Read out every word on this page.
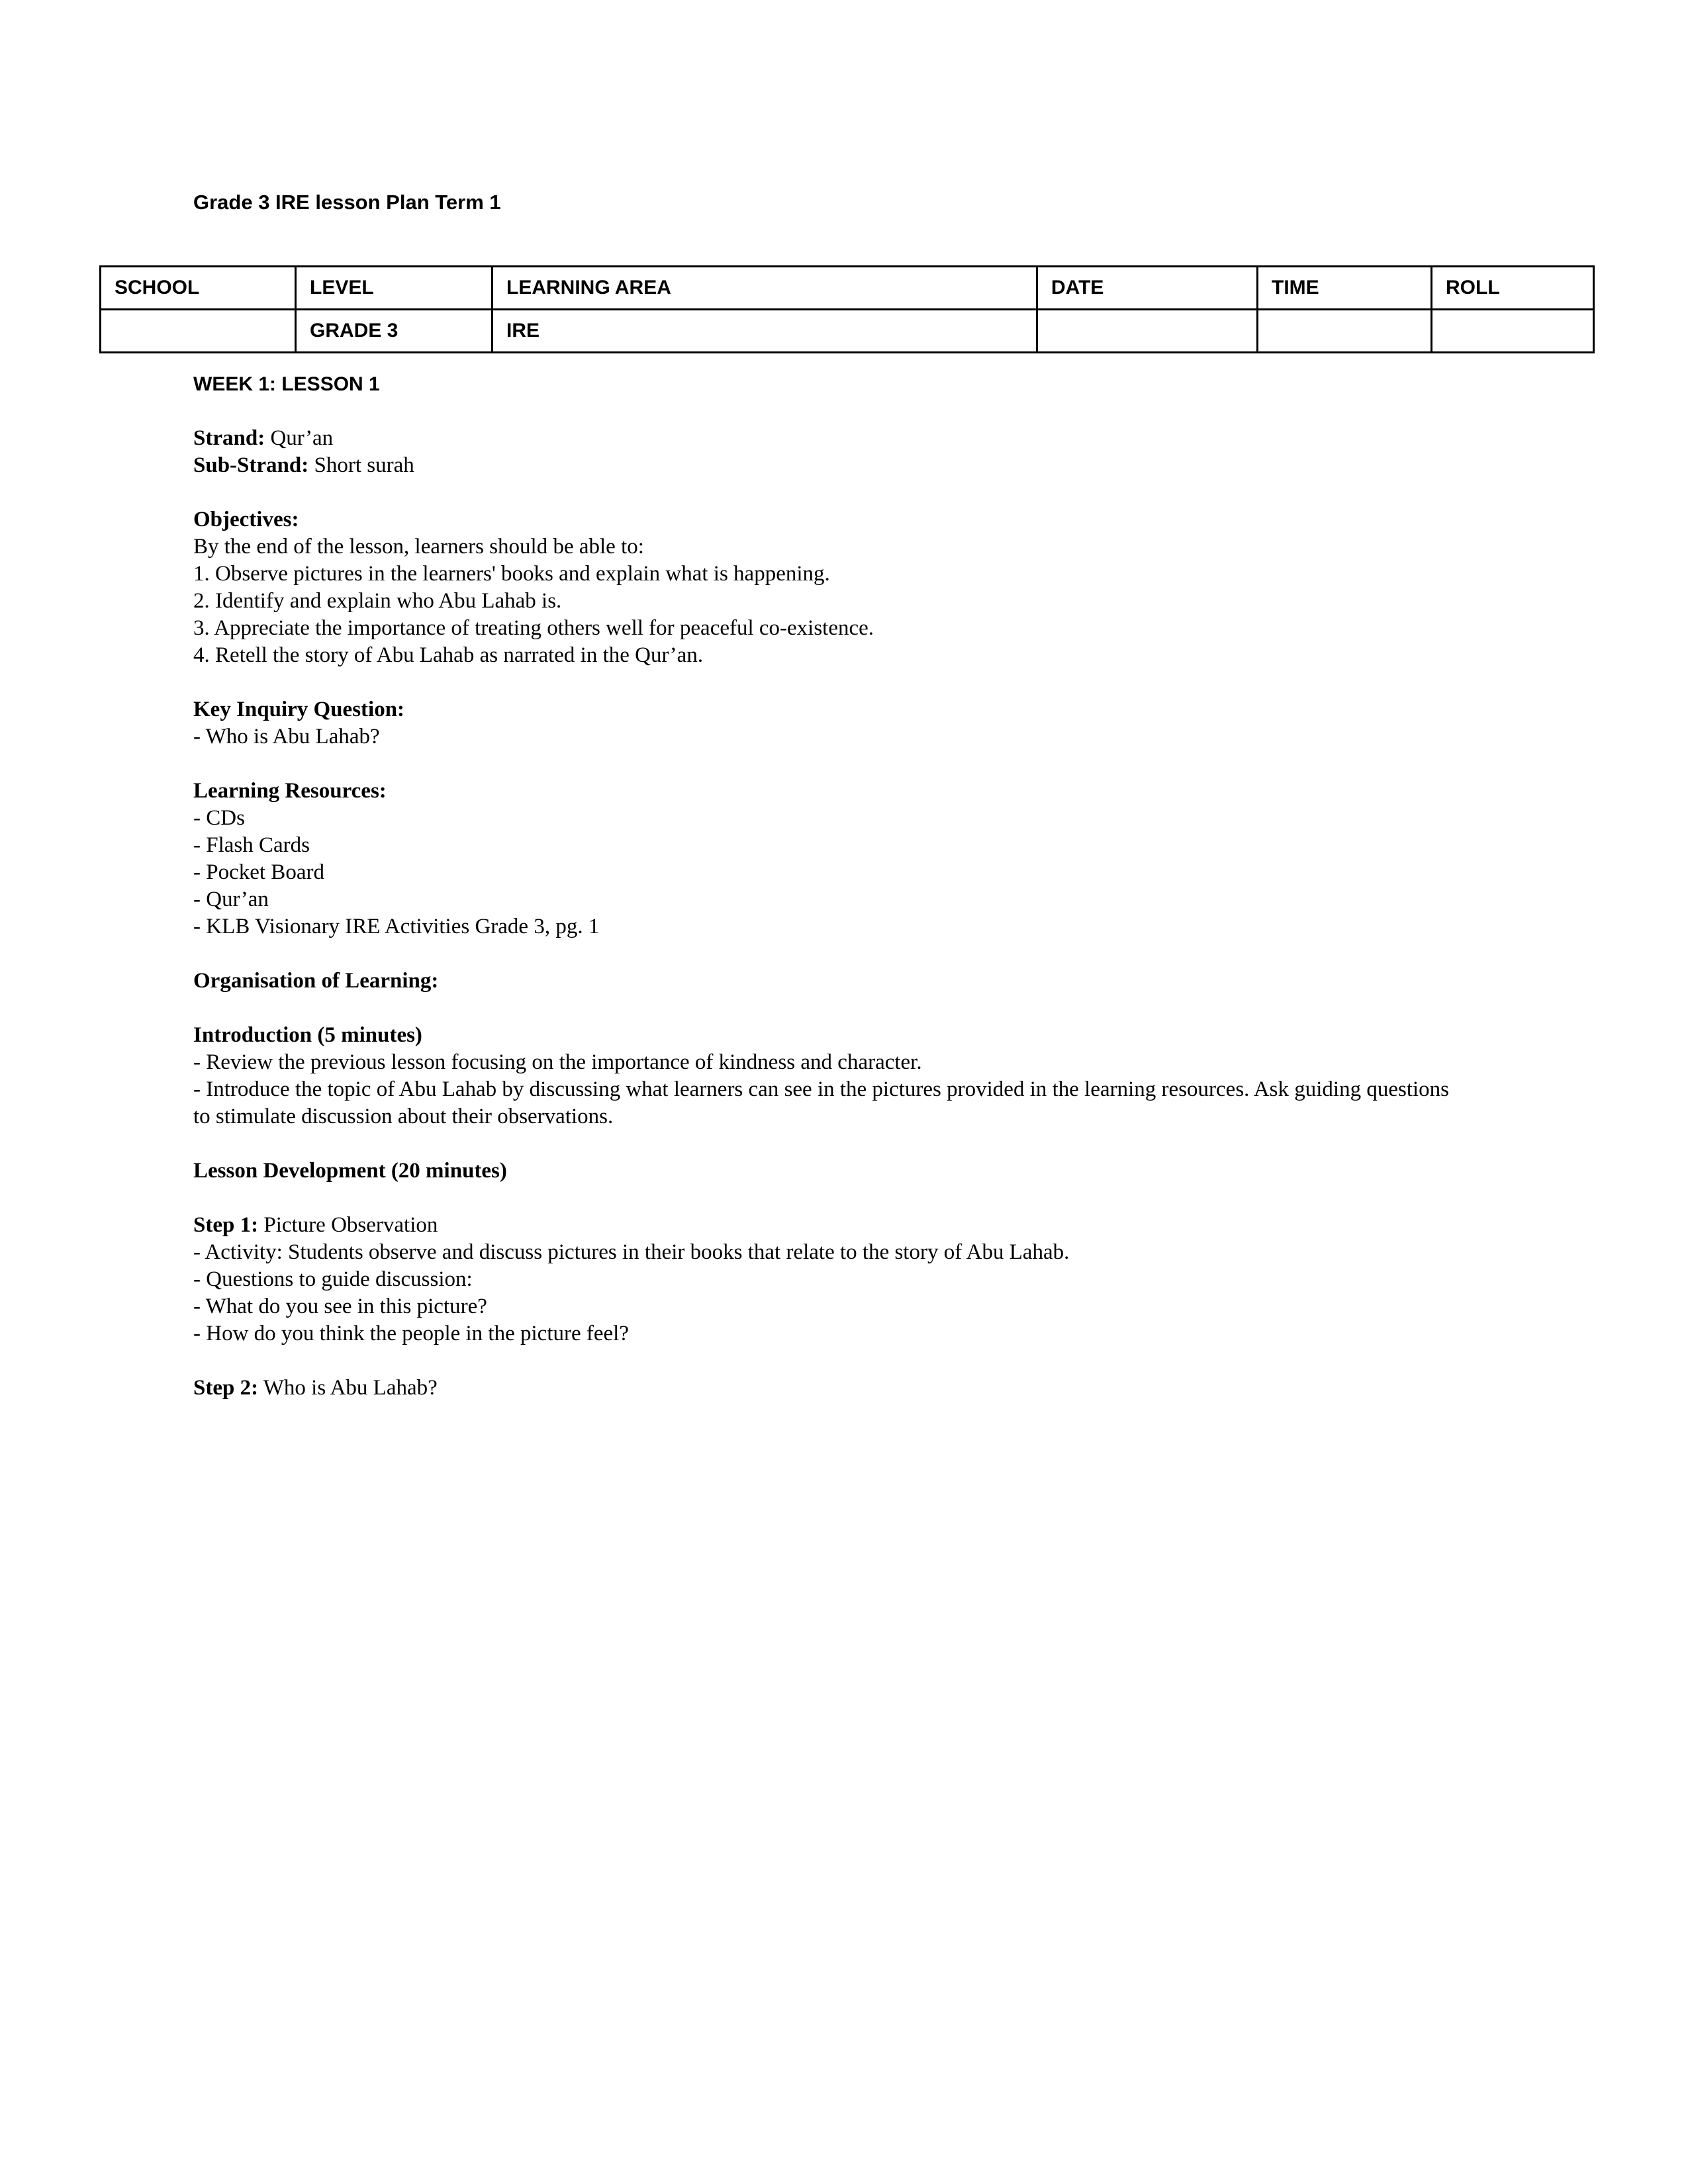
Grade 3 IRE lesson Plan Term 1
SCHOOL	LEVEL	LEARNING AREA	DATE	TIME	ROLL
	GRADE 3	IRE			
WEEK 1: LESSON 1
Strand: Qur’an
Sub-Strand: Short surah
Objectives:
By the end of the lesson, learners should be able to:
1. Observe pictures in the learners' books and explain what is happening.
2. Identify and explain who Abu Lahab is.
3. Appreciate the importance of treating others well for peaceful co-existence.
4. Retell the story of Abu Lahab as narrated in the Qur’an.
Key Inquiry Question:
- Who is Abu Lahab?
Learning Resources:
- CDs
- Flash Cards
- Pocket Board
- Qur’an
- KLB Visionary IRE Activities Grade 3, pg. 1
Organisation of Learning:
Introduction (5 minutes)
- Review the previous lesson focusing on the importance of kindness and character.
- Introduce the topic of Abu Lahab by discussing what learners can see in the pictures provided in the learning resources. Ask guiding questions to stimulate discussion about their observations.
Lesson Development (20 minutes)
Step 1: Picture Observation
- Activity: Students observe and discuss pictures in their books that relate to the story of Abu Lahab.
- Questions to guide discussion:
- What do you see in this picture?
- How do you think the people in the picture feel?
Step 2: Who is Abu Lahab?
